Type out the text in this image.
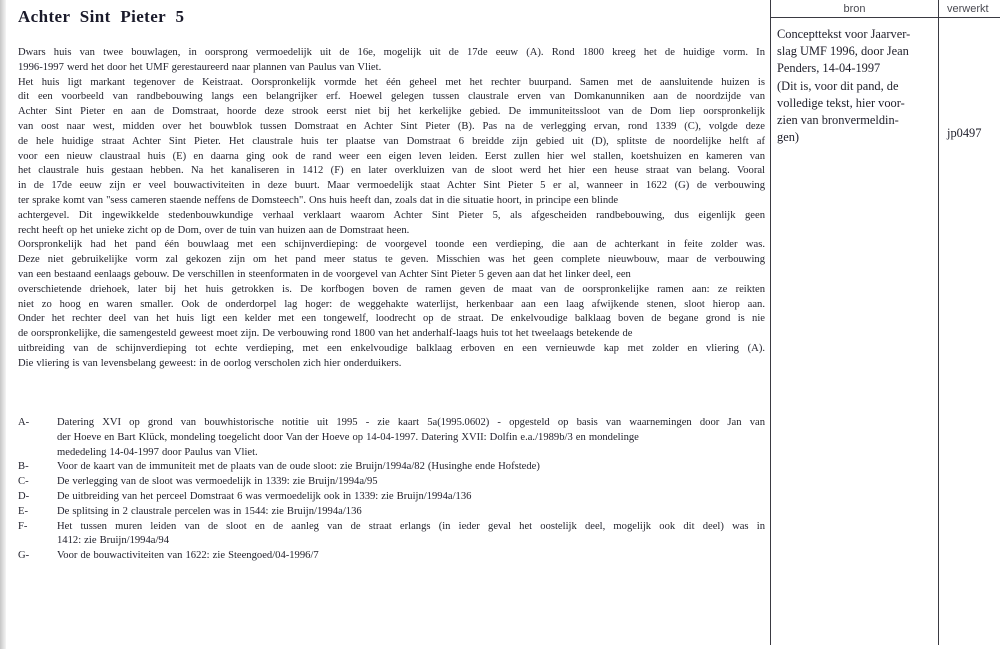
Achter Sint Pieter 5
Dwars huis van twee bouwlagen, in oorsprong vermoedelijk uit de 16e, mogelijk uit de 17de eeuw (A). Rond 1800 kreeg het de huidige vorm. In
1996-1997 werd het door het UMF gerestaureerd naar plannen van Paulus van Vliet.
Het huis ligt markant tegenover de Keistraat. Oorspronkelijk vormde het één geheel met het rechter buurpand. Samen met de aansluitende huizen is
dit een voorbeeld van randbebouwing langs een belangrijker erf. Hoewel gelegen tussen claustrale erven van Domkanunniken aan de noordzijde van
Achter Sint Pieter en aan de Domstraat, hoorde deze strook eerst niet bij het kerkelijke gebied. De immuniteitssloot van de Dom liep oorspronkelijk
van oost naar west, midden over het bouwblok tussen Domstraat en Achter Sint Pieter (B). Pas na de verlegging ervan, rond 1339 (C), volgde deze
de hele huidige straat Achter Sint Pieter. Het claustrale huis ter plaatse van Domstraat 6 breidde zijn gebied uit (D), splitste de noordelijke helft af
voor een nieuw claustraal huis (E) en daarna ging ook de rand weer een eigen leven leiden. Eerst zullen hier wel stallen, koetshuizen en kameren van
het claustrale huis gestaan hebben. Na het kanaliseren in 1412 (F) en later overkluizen van de sloot werd het hier een heuse straat van belang. Vooral
in de 17de eeuw zijn er veel bouwactiviteiten in deze buurt. Maar vermoedelijk staat Achter Sint Pieter 5 er al, wanneer in 1622 (G) de verbouwing
ter sprake komt van "sess cameren staende neffens de Domsteech". Ons huis heeft dan, zoals dat in die situatie hoort, in principe een blinde
achtergevel. Dit ingewikkelde stedenbouwkundige verhaal verklaart waarom Achter Sint Pieter 5, als afgescheiden randbebouwing, dus eigenlijk geen
recht heeft op het unieke zicht op de Dom, over de tuin van huizen aan de Domstraat heen.
Oorspronkelijk had het pand één bouwlaag met een schijnverdieping: de voorgevel toonde een verdieping, die aan de achterkant in feite zolder was.
Deze niet gebruikelijke vorm zal gekozen zijn om het pand meer status te geven. Misschien was het geen complete nieuwbouw, maar de verbouwing
van een bestaand eenlaags gebouw. De verschillen in steenformaten in de voorgevel van Achter Sint Pieter 5 geven aan dat het linker deel, een
overschietende driehoek, later bij het huis getrokken is. De korfbogen boven de ramen geven de maat van de oorspronkelijke ramen aan: ze reikten
niet zo hoog en waren smaller. Ook de onderdorpel lag hoger: de weggehakte waterlijst, herkenbaar aan een laag afwijkende stenen, sloot hierop aan.
Onder het rechter deel van het huis ligt een kelder met een tongewelf, loodrecht op de straat. De enkelvoudige balklaag boven de begane grond is nie
de oorspronkelijke, die samengesteld geweest moet zijn. De verbouwing rond 1800 van het anderhalf-laags huis tot het tweelaags betekende de
uitbreiding van de schijnverdieping tot echte verdieping, met een enkelvoudige balklaag erboven en een vernieuwde kap met zolder en vliering (A).
Die vliering is van levensbelang geweest: in de oorlog verscholen zich hier onderduikers.
A-	Datering XVI op grond van bouwhistorische notitie uit 1995 - zie kaart 5a(1995.0602) - opgesteld op basis van waarnemingen door Jan van
der Hoeve en Bart Klück, mondeling toegelicht door Van der Hoeve op 14-04-1997. Datering XVII: Dolfin e.a./1989b/3 en mondelinge
mededeling 14-04-1997 door Paulus van Vliet.
B-	Voor de kaart van de immuniteit met de plaats van de oude sloot: zie Bruijn/1994a/82 (Husinghe ende Hofstede)
C-	De verlegging van de sloot was vermoedelijk in 1339: zie Bruijn/1994a/95
D-	De uitbreiding van het perceel Domstraat 6 was vermoedelijk ook in 1339: zie Bruijn/1994a/136
E-	De splitsing in 2 claustrale percelen was in 1544: zie Bruijn/1994a/136
F-	Het tussen muren leiden van de sloot en de aanleg van de straat erlangs (in ieder geval het oostelijk deel, mogelijk ook dit deel) was in
1412: zie Bruijn/1994a/94
G-	Voor de bouwactiviteiten van 1622: zie Steengoed/04-1996/7
bron	verwerkt
Concepttekst voor Jaarver-
slag UMF 1996, door Jean
Penders, 14-04-1997
(Dit is, voor dit pand, de
volledige tekst, hier voor-
zien van bronvermeldin-
gen)	jp0497
